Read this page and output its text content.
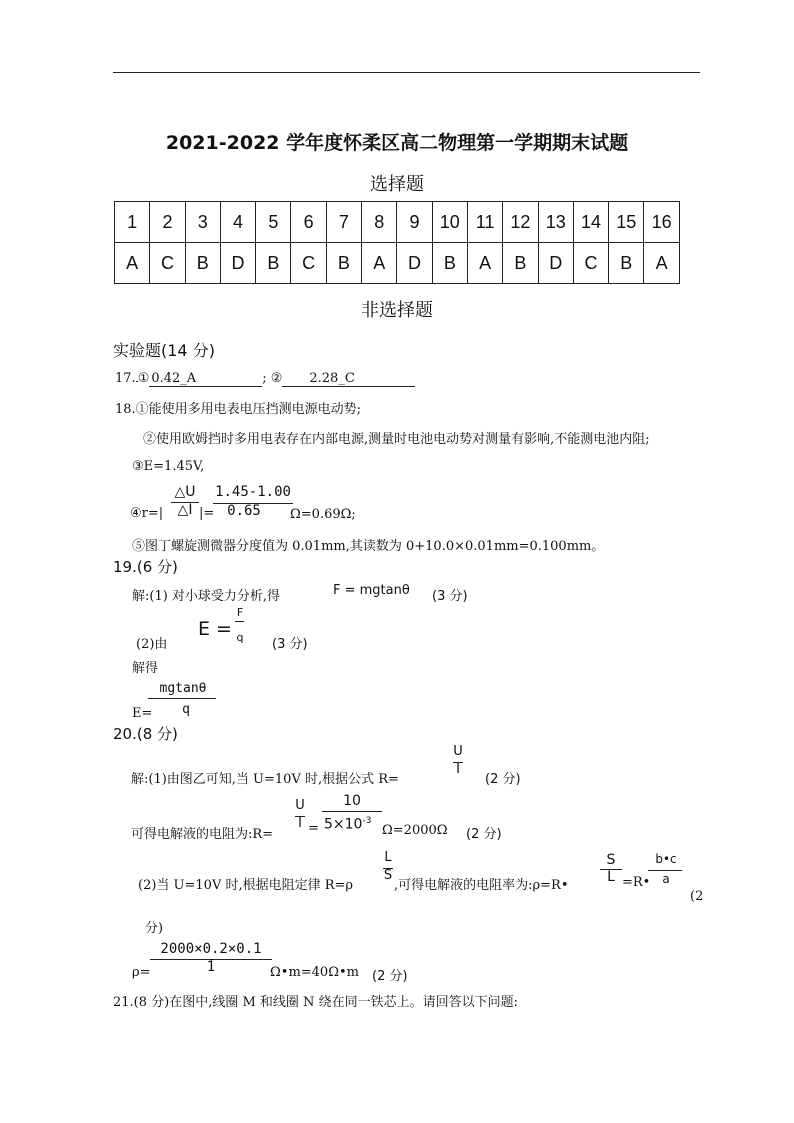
2021-2022 学年度怀柔区高二物理第一学期期末试题
选择题
1	2	3	4	5	6	7	8	9	10	11	12	13	14	15	16
A	C	B	D	B	C	B	A	D	B	A	B	D	C	B	A
非选择题
实验题(14 分)
17. ① 0.42_A	; ② 2.28_C
18.①能使用多用电表电压挡测电源电动势;
②使用欧姆挡时多用电表存在内部电源,测量时电池电动势对测量有影响,不能测电池内阻;
③E=1.45V,
④r=|
△U
△I |=
1.45-1.00
0.65	Ω=0.69Ω;
⑤图丁螺旋测微器分度值为 0.01mm,其读数为 0+10.0×0.01mm=0.100mm。
19.(6 分)
解:(1) 对小球受力分析,得	F = mgtanθ (3 分)
(2)由
E =
F
q (3 分)
解得
mgtanθ
q
E=
20.(8 分)
解:(1)由图乙可知,当 U=10V 时,根据公式 R=
U
I
(2 分)
可得电解液的电阻为:R=
U
I =
10
$5\times 10^{-3}$
Ω=2000Ω (2 分)
(2)当 U=10V 时,根据电阻定律 R=ρ
L
S
,可得电解液的电阻率为:ρ=R•
S
L =R•
b•c
a
(2
分)
2000×0.2×0.1
1
ρ=	Ω•m=40Ω•m (2 分)
21.(8 分)在图中,线圈 M 和线圈 N 绕在同一铁芯上。请回答以下问题:
